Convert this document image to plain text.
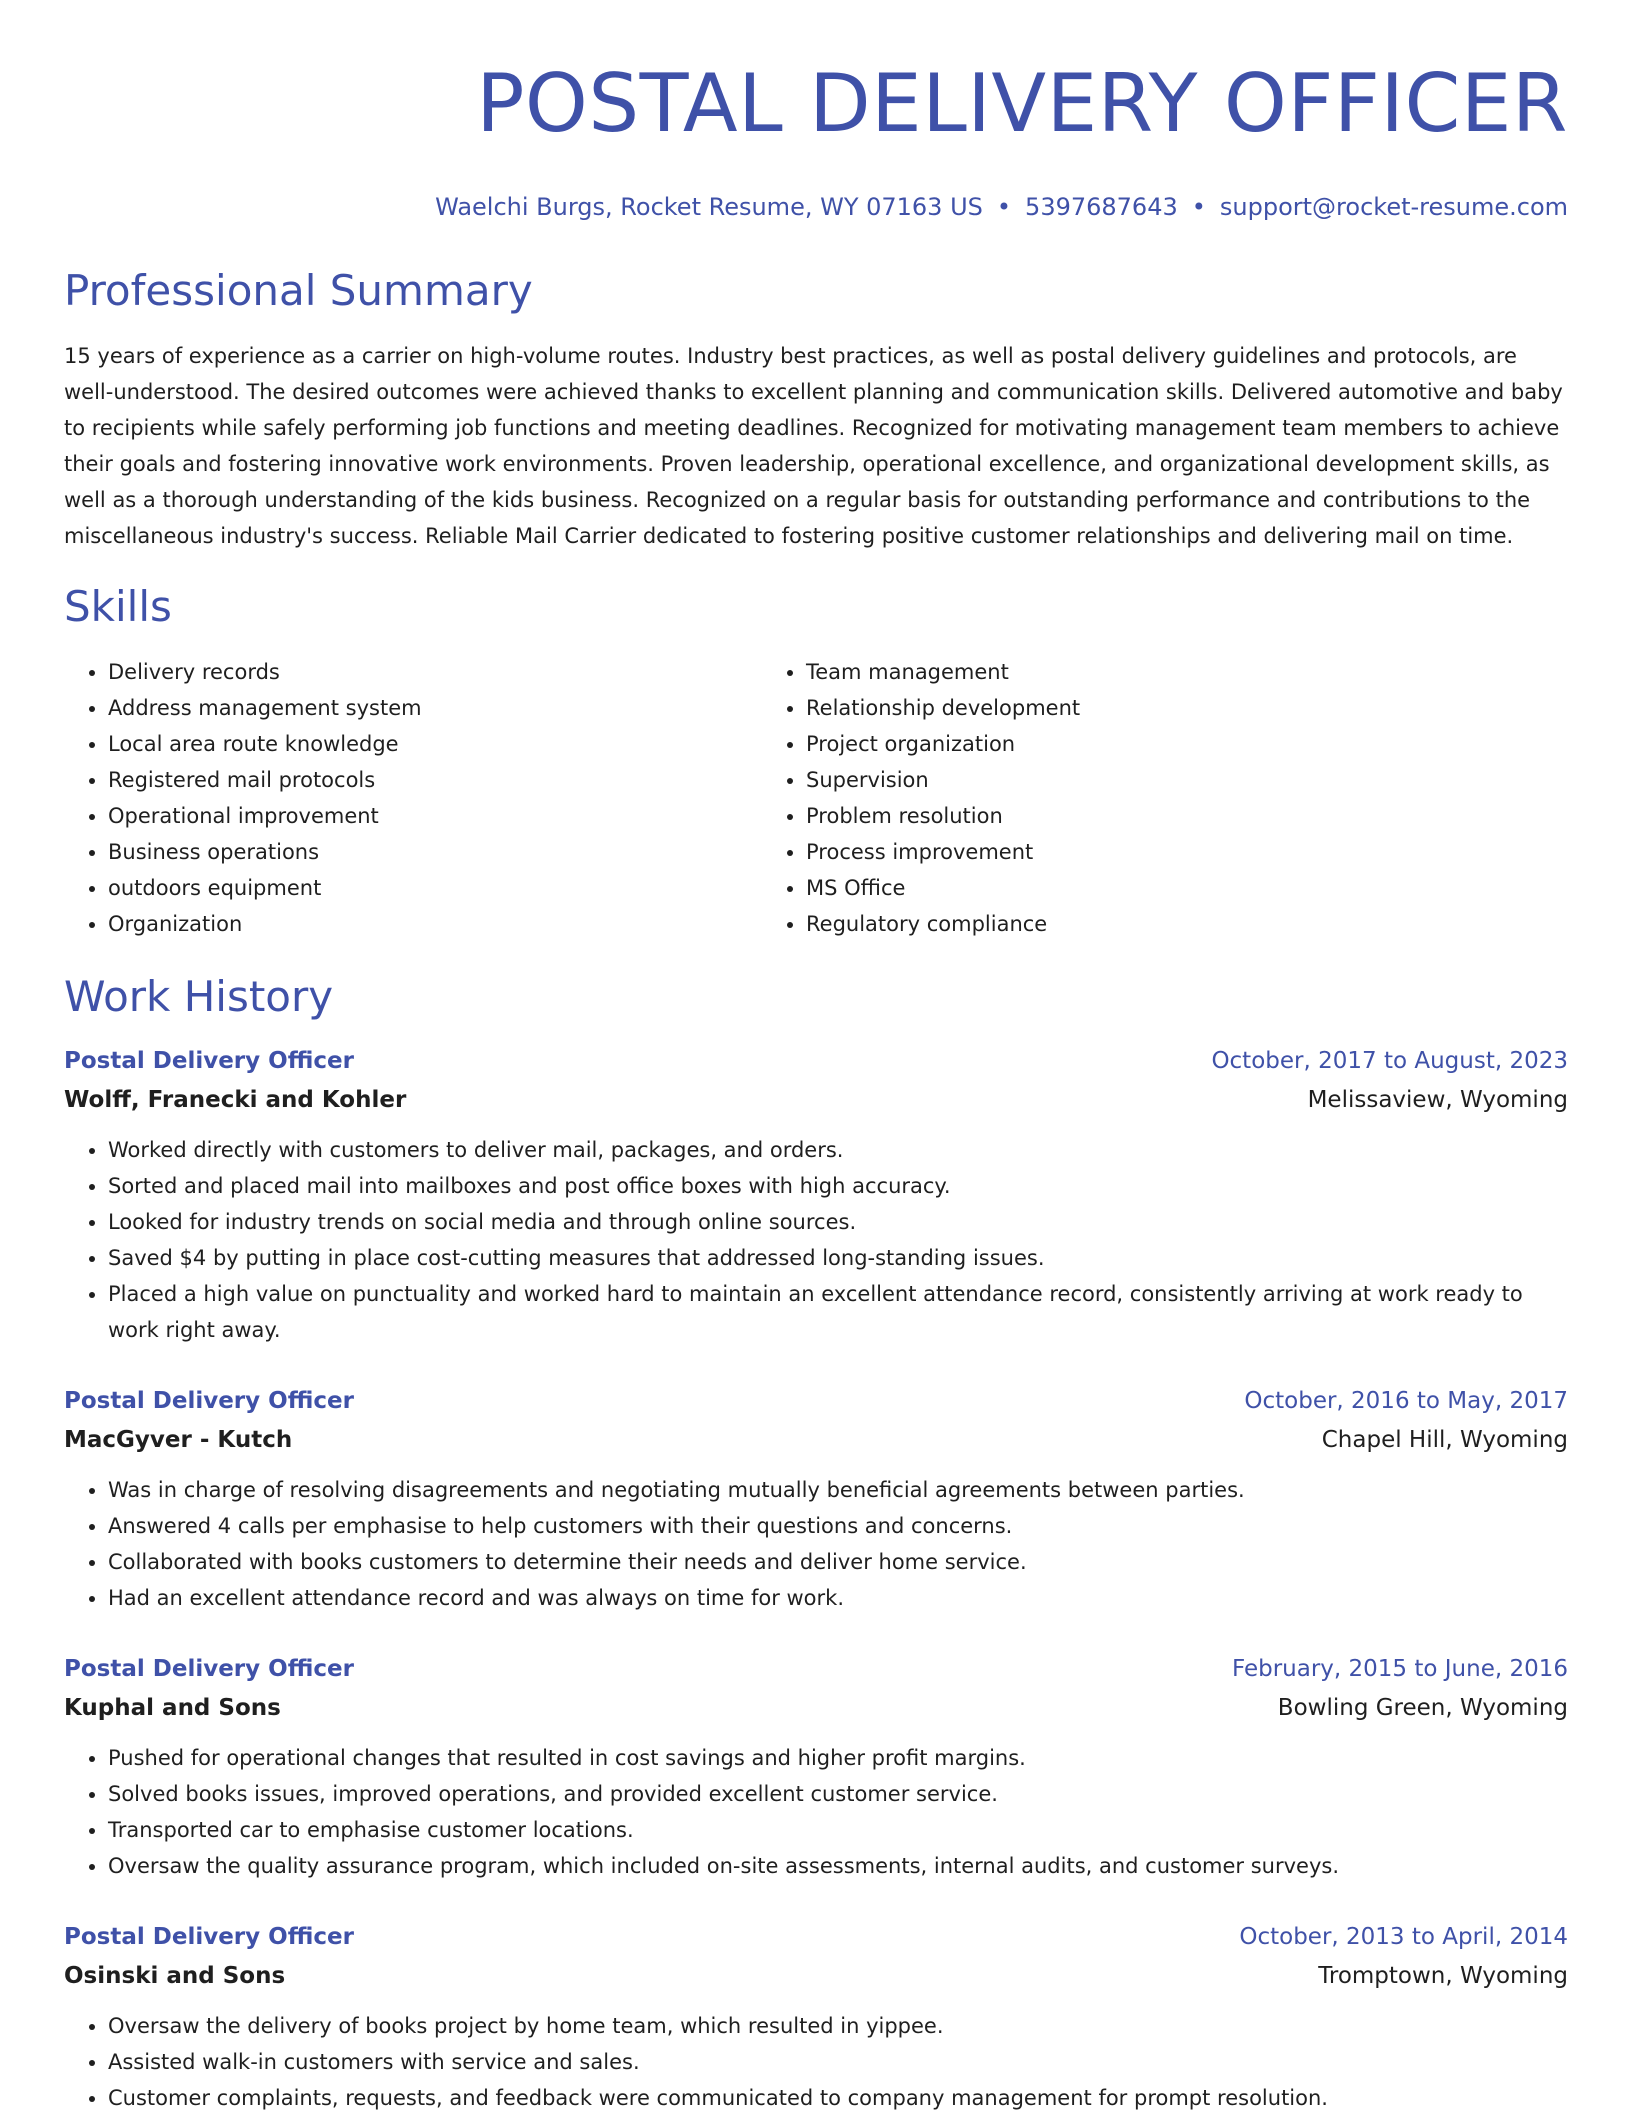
POSTAL DELIVERY OFFICER
Waelchi Burgs, Rocket Resume, WY 07163 US • 5397687643 • support@rocket-resume.com
Professional Summary
15 years of experience as a carrier on high-volume routes. Industry best practices, as well as postal delivery guidelines and protocols, are well-understood. The desired outcomes were achieved thanks to excellent planning and communication skills. Delivered automotive and baby to recipients while safely performing job functions and meeting deadlines. Recognized for motivating management team members to achieve their goals and fostering innovative work environments. Proven leadership, operational excellence, and organizational development skills, as well as a thorough understanding of the kids business. Recognized on a regular basis for outstanding performance and contributions to the miscellaneous industry's success. Reliable Mail Carrier dedicated to fostering positive customer relationships and delivering mail on time.
Skills
• Delivery records
• Address management system
• Local area route knowledge
• Registered mail protocols
• Operational improvement
• Business operations
• outdoors equipment
• Organization
• Team management
• Relationship development
• Project organization
• Supervision
• Problem resolution
• Process improvement
• MS Office
• Regulatory compliance
Work History
Postal Delivery Officer	October, 2017 to August, 2023
Wolff, Franecki and Kohler	Melissaview, Wyoming
• Worked directly with customers to deliver mail, packages, and orders.
• Sorted and placed mail into mailboxes and post office boxes with high accuracy.
• Looked for industry trends on social media and through online sources.
• Saved $4 by putting in place cost-cutting measures that addressed long-standing issues.
• Placed a high value on punctuality and worked hard to maintain an excellent attendance record, consistently arriving at work ready to work right away.
Postal Delivery Officer	October, 2016 to May, 2017
MacGyver - Kutch	Chapel Hill, Wyoming
• Was in charge of resolving disagreements and negotiating mutually beneficial agreements between parties.
• Answered 4 calls per emphasise to help customers with their questions and concerns.
• Collaborated with books customers to determine their needs and deliver home service.
• Had an excellent attendance record and was always on time for work.
Postal Delivery Officer	February, 2015 to June, 2016
Kuphal and Sons	Bowling Green, Wyoming
• Pushed for operational changes that resulted in cost savings and higher profit margins.
• Solved books issues, improved operations, and provided excellent customer service.
• Transported car to emphasise customer locations.
• Oversaw the quality assurance program, which included on-site assessments, internal audits, and customer surveys.
Postal Delivery Officer	October, 2013 to April, 2014
Osinski and Sons	Tromptown, Wyoming
• Oversaw the delivery of books project by home team, which resulted in yippee.
• Assisted walk-in customers with service and sales.
• Customer complaints, requests, and feedback were communicated to company management for prompt resolution.
